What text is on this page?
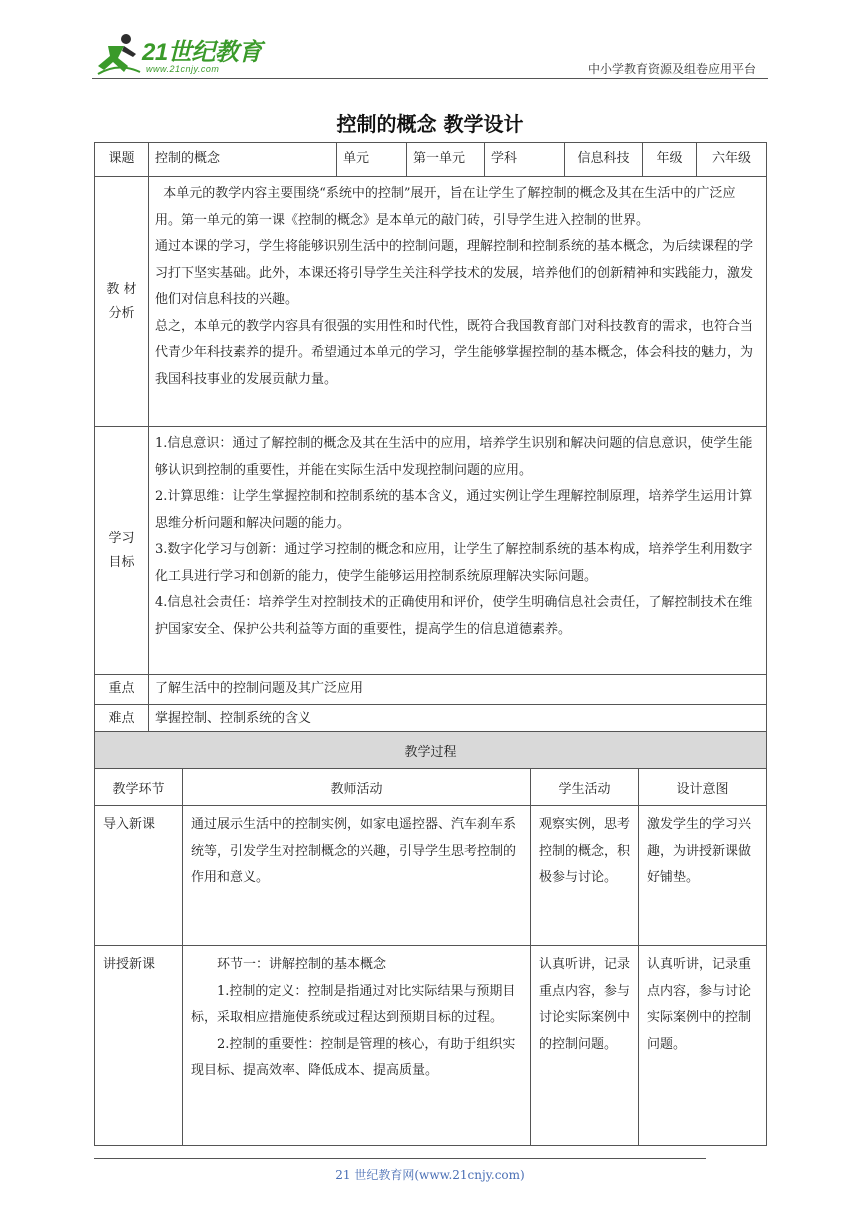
21世纪教育
www.21cnjy.com	中小学教育资源及组卷应用平台
控制的概念 教学设计
课题	控制的概念	单元	第一单元	学科	信息科技	年级	六年级
教 材 分析	本单元的教学内容主要围绕“系统中的控制”展开，旨在让学生了解控制的概念及其在生活中的广泛应用。第一单元的第一课《控制的概念》是本单元的敲门砖，引导学生进入控制的世界。

通过本课的学习，学生将能够识别生活中的控制问题，理解控制和控制系统的基本概念，为后续课程的学习打下坚实基础。此外，本课还将引导学生关注科学技术的发展，培养他们的创新精神和实践能力，激发他们对信息科技的兴趣。

总之，本单元的教学内容具有很强的实用性和时代性，既符合我国教育部门对科技教育的需求，也符合当代青少年科技素养的提升。希望通过本单元的学习，学生能够掌握控制的基本概念，体会科技的魅力，为我国科技事业的发展贡献力量。						

学习 目标	1.信息意识：通过了解控制的概念及其在生活中的应用，培养学生识别和解决问题的信息意识，使学生能够认识到控制的重要性，并能在实际生活中发现控制问题的应用。

2.计算思维：让学生掌握控制和控制系统的基本含义，通过实例让学生理解控制原理，培养学生运用计算思维分析问题和解决问题的能力。

3.数字化学习与创新：通过学习控制的概念和应用，让学生了解控制系统的基本构成，培养学生利用数字化工具进行学习和创新的能力，使学生能够运用控制系统原理解决实际问题。

4.信息社会责任：培养学生对控制技术的正确使用和评价，使学生明确信息社会责任，了解控制技术在维护国家安全、保护公共利益等方面的重要性，提高学生的信息道德素养。						

重点	了解生活中的控制问题及其广泛应用						
难点	掌握控制、控制系统的含义						
教学过程			
教学环节	教师活动	学生活动	设计意图
导入新课	通过展示生活中的控制实例，如家电遥控器、汽车刹车系统等，引发学生对控制概念的兴趣，引导学生思考控制的作用和意义。	观察实例，思考控制的概念，积极参与讨论。	激发学生的学习兴趣，为讲授新课做好铺垫。
讲授新课	环节一：讲解控制的基本概念

1.控制的定义：控制是指通过对比实际结果与预期目标，采取相应措施使系统或过程达到预期目标的过程。

2.控制的重要性：控制是管理的核心，有助于组织实现目标、提高效率、降低成本、提高质量。	认真听讲，记录重点内容，参与讨论实际案例中的控制问题。	认真听讲，记录重点内容，参与讨论实际案例中的控制问题。
21 世纪教育网(www.21cnjy.com)
